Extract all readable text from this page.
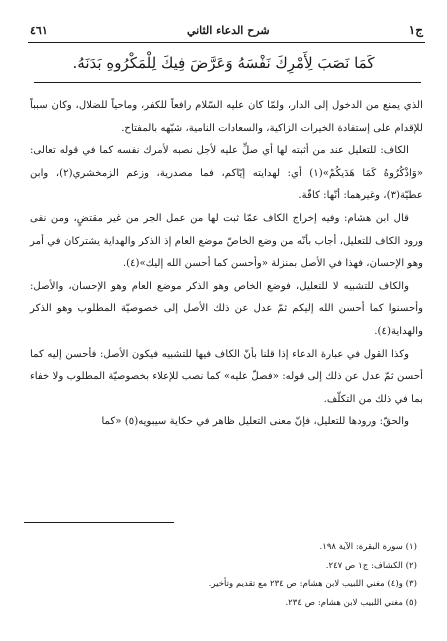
ج١
شرح الدعاء الثاني
٤٦١
كَمَا نَصَبَ لِأَمْرِكَ نَفْسَهُ وَعَرَّضَ فِيكَ لِلْمَكْرُوهِ بَدَنَهُ.

الذي يمنع من الدخول إلى الدار، ولمّا كان عليه السّلام رافعاً للكفر، وماحياً للضلال، وكان سبباً للإقدام على إستفادة الخيرات الزاكية، والسعادات النامية، شبّهه بالمفتاح.

الكاف: للتعليل عند من أثبته لها أي صلِّ عليه لأجل نصبه لأمرك نفسه كما في قوله تعالى: «وَاذْكُرُوهُ كَمَا هَدَيكُمْ»(١) أي: لهدايته إيّاكم، فما مصدرية، وزعم الزمخشري(٢)، وابن عطيّة(٣)، وغيرهما: أنّها: كافّة.

قال ابن هشام: وفيه إخراج الكاف عمّا ثبت لها من عمل الجر من غير مقتضٍ، ومن نفى ورود الكاف للتعليل، أجاب بأنّه من وضع الخاصّ موضع العام إذ الذكر والهداية يشتركان في أمر وهو الإحسان، فهذا في الأصل بمنزلة «وأحسن كما أحسن الله إليك»(٤).

والكاف للتشبيه لا للتعليل، فوضع الخاص وهو الذكر موضع العام وهو الإحسان، والأصل: وأحسنوا كما أحسن الله إليكم ثمّ عدل عن ذلك الأصل إلى خصوصيّة المطلوب وهو الذكر والهداية(٤).

وكذا القول في عبارة الدعاء إذا قلنا بأنّ الكاف فيها للتشبيه فيكون الأصل: فأحسن إليه كما أحسن ثمّ عدل عن ذلك إلى قوله: «فصلّ عليه» كما نصب للإعلاء بخصوصيّة المطلوب ولا خفاء بما في ذلك من التكلّف.

والحقّ: ورودها للتعليل، فإنّ معنى التعليل ظاهر في حكاية سيبويه(٥) «كما

(١) سورة البقرة: الآية ١٩٨.

(٢) الكشاف: ج١ ص ٢٤٧.

(٣) و(٤) مغني اللبيب لابن هشام: ص ٢٣٤ مع تقديم وتأخير.

(٥) مغني اللبيب لابن هشام: ص ٢٣٤.
